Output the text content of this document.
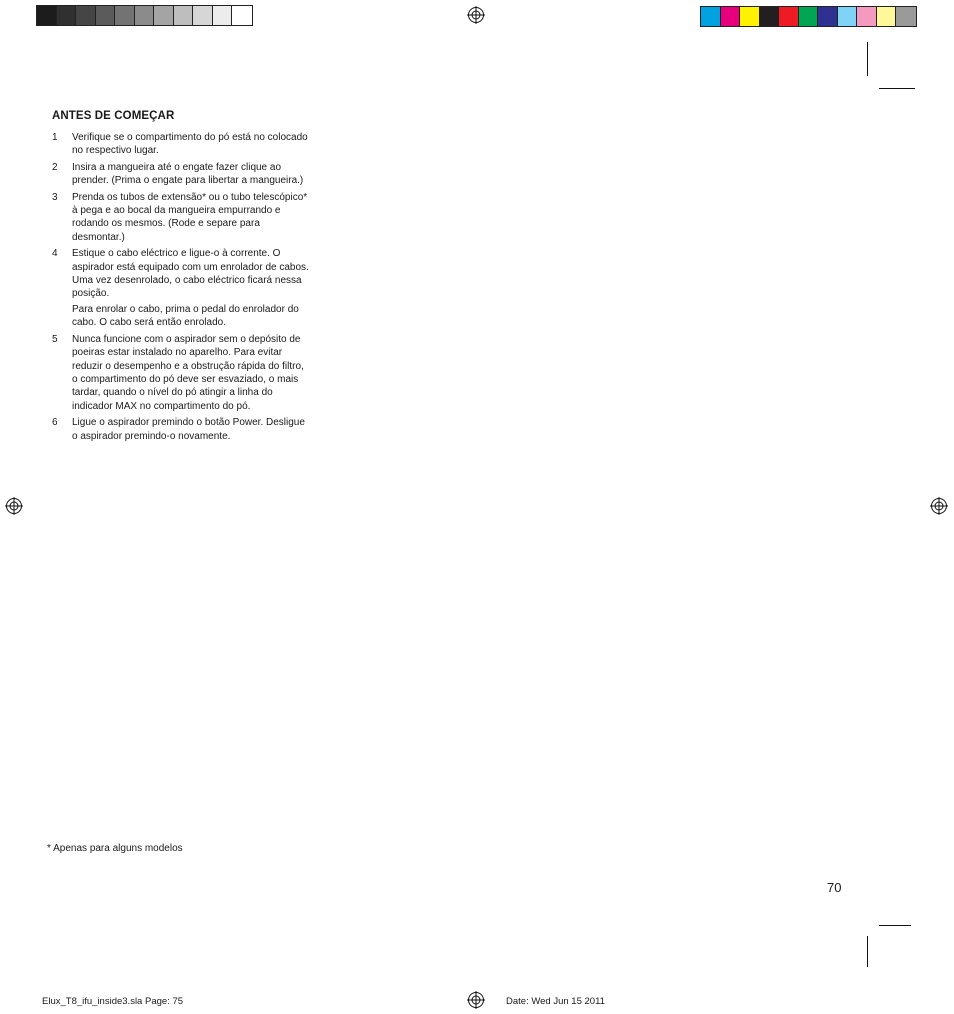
ANTES DE COMEÇAR
1 Verifique se o compartimento do pó está no colocado no respectivo lugar.

2 Insira a mangueira até o engate fazer clique ao prender. (Prima o engate para libertar a mangueira.)

3 Prenda os tubos de extensão* ou o tubo telescópico* à pega e ao bocal da mangueira empurrando e rodando os mesmos. (Rode e separe para desmontar.)

4 Estique o cabo eléctrico e ligue-o à corrente. O aspirador está equipado com um enrolador de cabos. Uma vez desenrolado, o cabo eléctrico ficará nessa posição.

Para enrolar o cabo, prima o pedal do enrolador do cabo. O cabo será então enrolado.

5 Nunca funcione com o aspirador sem o depósito de poeiras estar instalado no aparelho. Para evitar reduzir o desempenho e a obstrução rápida do filtro, o compartimento do pó deve ser esvaziado, o mais tardar, quando o nível do pó atingir a linha do indicador MAX no compartimento do pó.

6 Ligue o aspirador premindo o botão Power. Desligue o aspirador premindo-o novamente.

* Apenas para alguns modelos
70
Elux_T8_ifu_inside3.sla Page: 75	Date: Wed Jun 15 2011
